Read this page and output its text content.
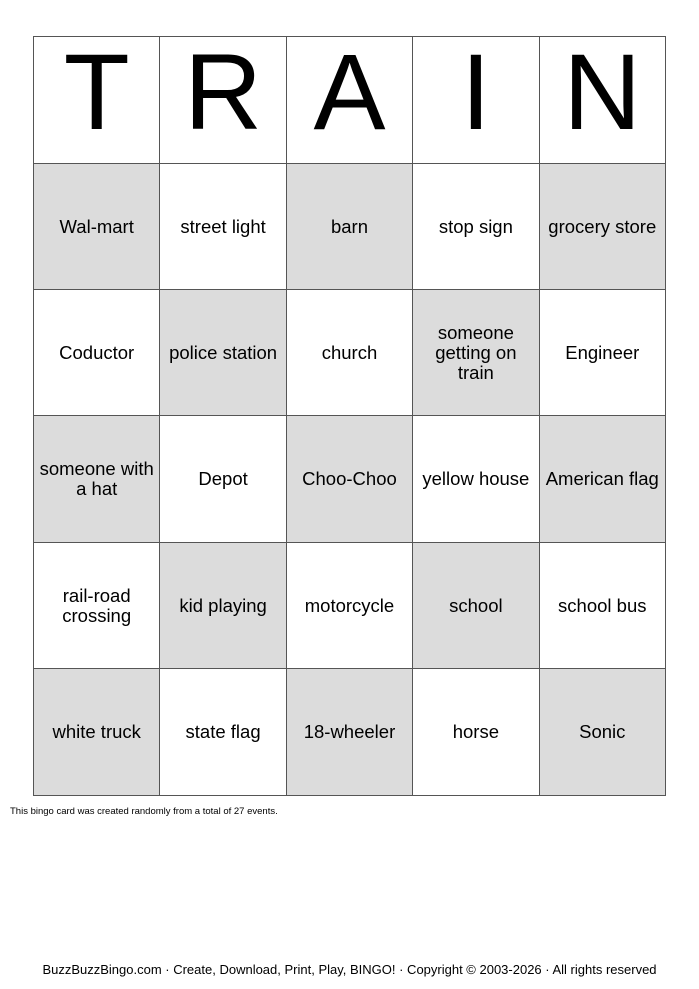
T	R	A	I	N
Wal-mart	street light	barn	stop sign	grocery store
Coductor	police station	church	someone getting on train	Engineer
someone with a hat	Depot	Choo-Choo	yellow house	American flag
rail-road crossing	kid playing	motorcycle	school	school bus
white truck	state flag	18-wheeler	horse	Sonic
This bingo card was created randomly from a total of 27 events.
BuzzBuzzBingo.com · Create, Download, Print, Play, BINGO! · Copyright © 2003-2026 · All rights reserved
